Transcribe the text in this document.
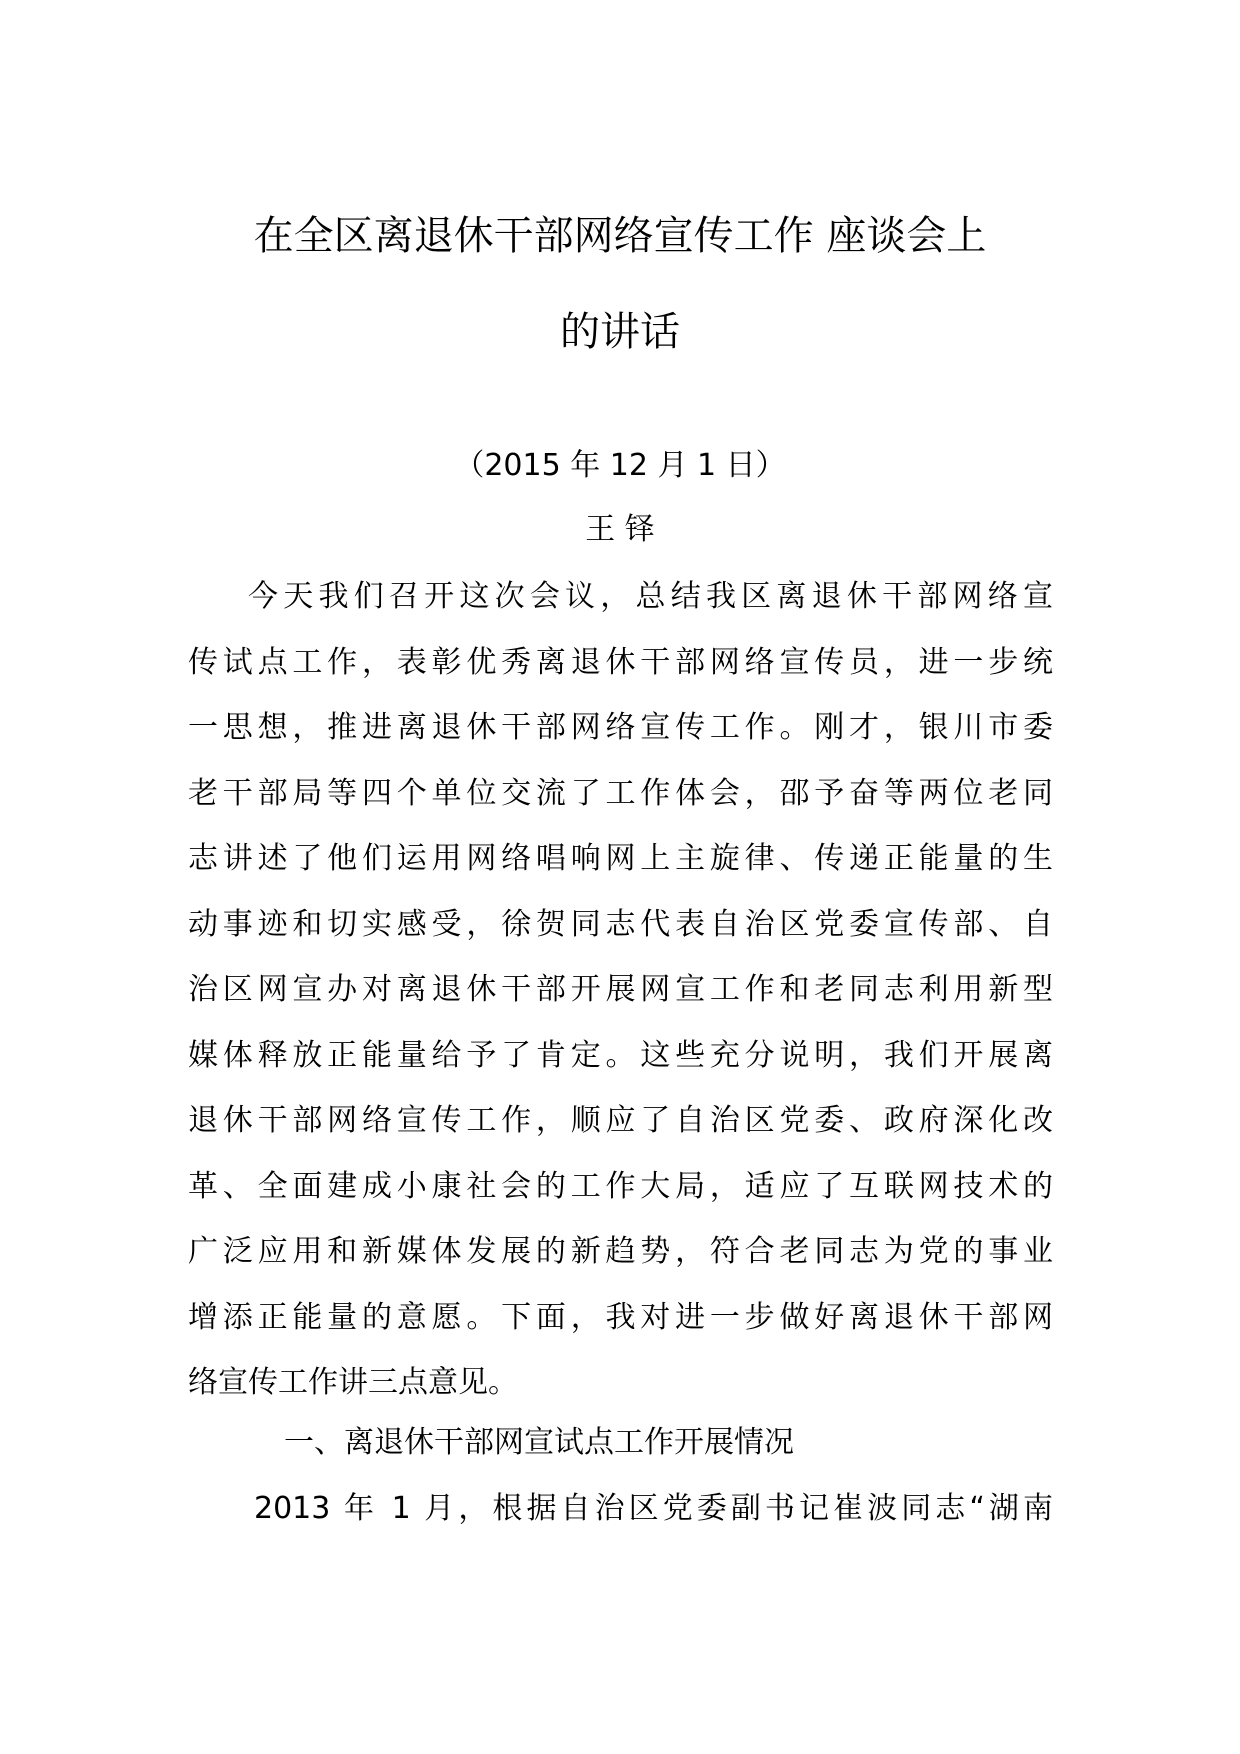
在全区离退休干部网络宣传工作 座谈会上
的讲话
（2015 年 12 月 1 日）
王 铎
今天我们召开这次会议，总结我区离退休干部网络宣
传试点工作，表彰优秀离退休干部网络宣传员，进一步统
一思想，推进离退休干部网络宣传工作。刚才，银川市委
老干部局等四个单位交流了工作体会，邵予奋等两位老同
志讲述了他们运用网络唱响网上主旋律、传递正能量的生
动事迹和切实感受，徐贺同志代表自治区党委宣传部、自
治区网宣办对离退休干部开展网宣工作和老同志利用新型
媒体释放正能量给予了肯定。这些充分说明，我们开展离
退休干部网络宣传工作，顺应了自治区党委、政府深化改
革、全面建成小康社会的工作大局，适应了互联网技术的
广泛应用和新媒体发展的新趋势，符合老同志为党的事业
增添正能量的意愿。下面，我对进一步做好离退休干部网
络宣传工作讲三点意见。
一、离退休干部网宣试点工作开展情况
2013 年 1 月，根据自治区党委副书记崔波同志“湖南
